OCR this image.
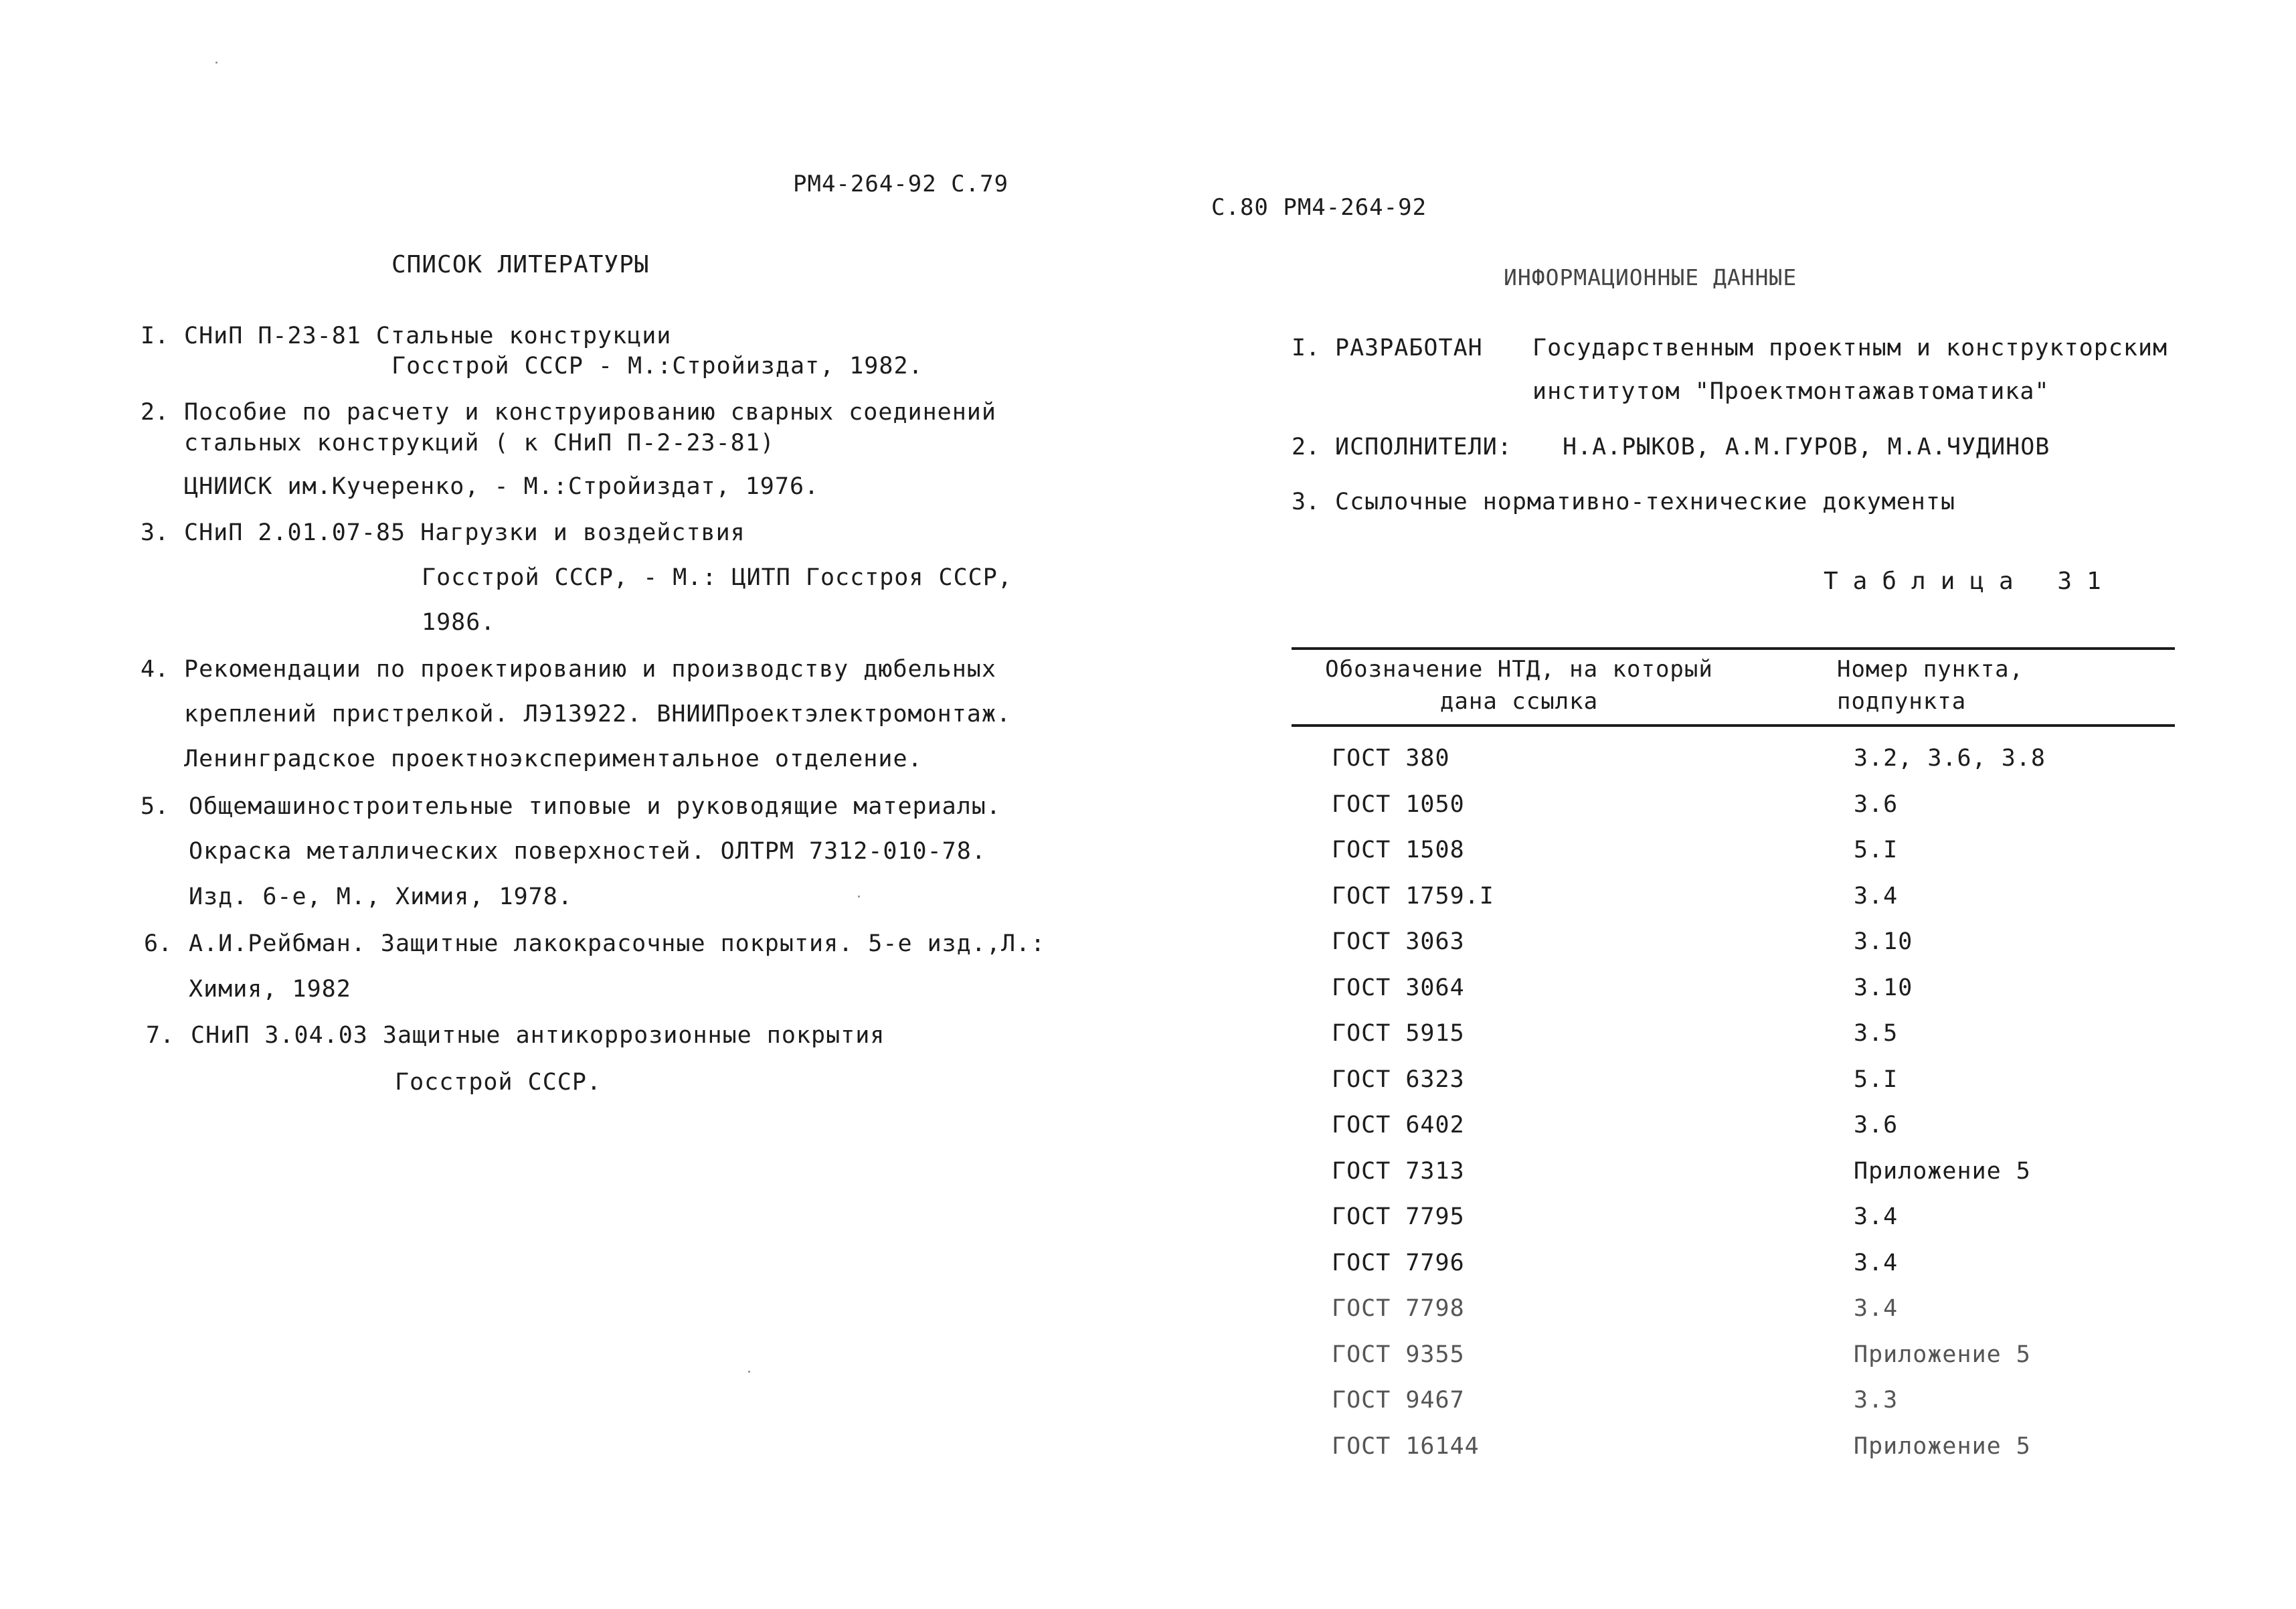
РМ4-264-92 С.79
СПИСОК ЛИТЕРАТУРЫ
I. СНиП П-23-81 Стальные конструкции
Госстрой СССР - М.:Стройиздат, 1982.
2. Пособие по расчету и конструированию сварных соединений
стальных конструкций ( к СНиП П-2-23-81)
ЦНИИСК им.Кучеренко, - М.:Стройиздат, 1976.
3. СНиП 2.01.07-85 Нагрузки и воздействия
Госстрой СССР, - М.: ЦИТП Госстроя СССР,
1986.
4. Рекомендации по проектированию и производству дюбельных
креплений пристрелкой. ЛЭ13922. ВНИИПроектэлектромонтаж.
Ленинградское проектноэкспериментальное отделение.
5. Общемашиностроительные типовые и руководящие материалы.
Окраска металлических поверхностей. ОЛТРМ 7312-010-78.
Изд. 6-е, М., Химия, 1978.
6. А.И.Рейбман. Защитные лакокрасочные покрытия. 5-е изд.,Л.:
Химия, 1982
7. СНиП 3.04.03 Защитные антикоррозионные покрытия
Госстрой СССР.
С.80 РМ4-264-92
ИНФОРМАЦИОННЫЕ ДАННЫЕ
I. РАЗРАБОТАН Государственным проектным и конструкторским
институтом "Проектмонтажавтоматика"
2. ИСПОЛНИТЕЛИ: Н.А.РЫКОВ, А.М.ГУРОВ, М.А.ЧУДИНОВ
3. Ссылочные нормативно-технические документы
Таблица 31
Обозначение НТД, на который
дана ссылка
Номер пункта,
подпункта
ГОСТ 380	3.2, 3.6, 3.8
ГОСТ 1050	3.6
ГОСТ 1508	5.I
ГОСТ 1759.I	3.4
ГОСТ 3063	3.10
ГОСТ 3064	3.10
ГОСТ 5915	3.5
ГОСТ 6323	5.I
ГОСТ 6402	3.6
ГОСТ 7313	Приложение 5
ГОСТ 7795	3.4
ГОСТ 7796	3.4
ГОСТ 7798	3.4
ГОСТ 9355	Приложение 5
ГОСТ 9467	3.3
ГОСТ 16144	Приложение 5
